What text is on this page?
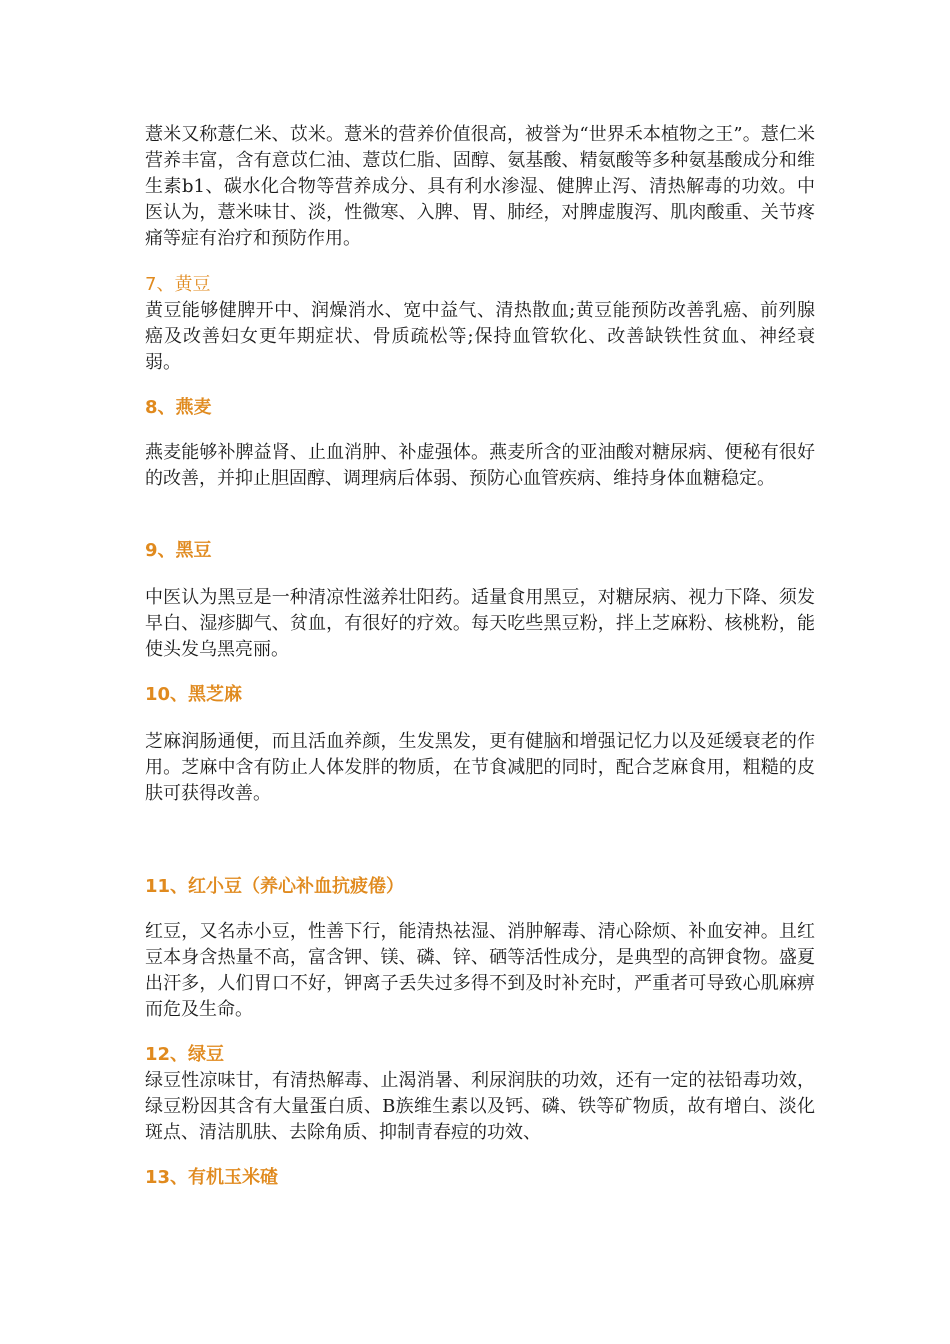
薏米又称薏仁米、苡米。薏米的营养价值很高，被誉为“世界禾本植物之王”。薏仁米营养丰富，含有意苡仁油、薏苡仁脂、固醇、氨基酸、精氨酸等多种氨基酸成分和维生素b1、碳水化合物等营养成分、具有利水渗湿、健脾止泻、清热解毒的功效。中医认为，薏米味甘、淡，性微寒、入脾、胃、肺经，对脾虚腹泻、肌肉酸重、关节疼痛等症有治疗和预防作用。

7、黄豆

黄豆能够健脾开中、润燥消水、宽中益气、清热散血;黄豆能预防改善乳癌、前列腺癌及改善妇女更年期症状、骨质疏松等;保持血管软化、改善缺铁性贫血、神经衰弱。

8、燕麦

燕麦能够补脾益肾、止血消肿、补虚强体。燕麦所含的亚油酸对糖尿病、便秘有很好的改善，并抑止胆固醇、调理病后体弱、预防心血管疾病、维持身体血糖稳定。

9、黑豆

中医认为黑豆是一种清凉性滋养壮阳药。适量食用黑豆，对糖尿病、视力下降、须发早白、湿疹脚气、贫血，有很好的疗效。每天吃些黑豆粉，拌上芝麻粉、核桃粉，能使头发乌黑亮丽。

10、黑芝麻

芝麻润肠通便，而且活血养颜，生发黑发，更有健脑和增强记忆力以及延缓衰老的作用。芝麻中含有防止人体发胖的物质，在节食减肥的同时，配合芝麻食用，粗糙的皮肤可获得改善。

11、红小豆（养心补血抗疲倦）

红豆，又名赤小豆，性善下行，能清热祛湿、消肿解毒、清心除烦、补血安神。且红豆本身含热量不高，富含钾、镁、磷、锌、硒等活性成分，是典型的高钾食物。盛夏出汗多，人们胃口不好，钾离子丢失过多得不到及时补充时，严重者可导致心肌麻痹而危及生命。

12、绿豆

绿豆性凉味甘，有清热解毒、止渴消暑、利尿润肤的功效，还有一定的祛铅毒功效，绿豆粉因其含有大量蛋白质、B族维生素以及钙、磷、铁等矿物质，故有增白、淡化斑点、清洁肌肤、去除角质、抑制青春痘的功效、

13、有机玉米碴
